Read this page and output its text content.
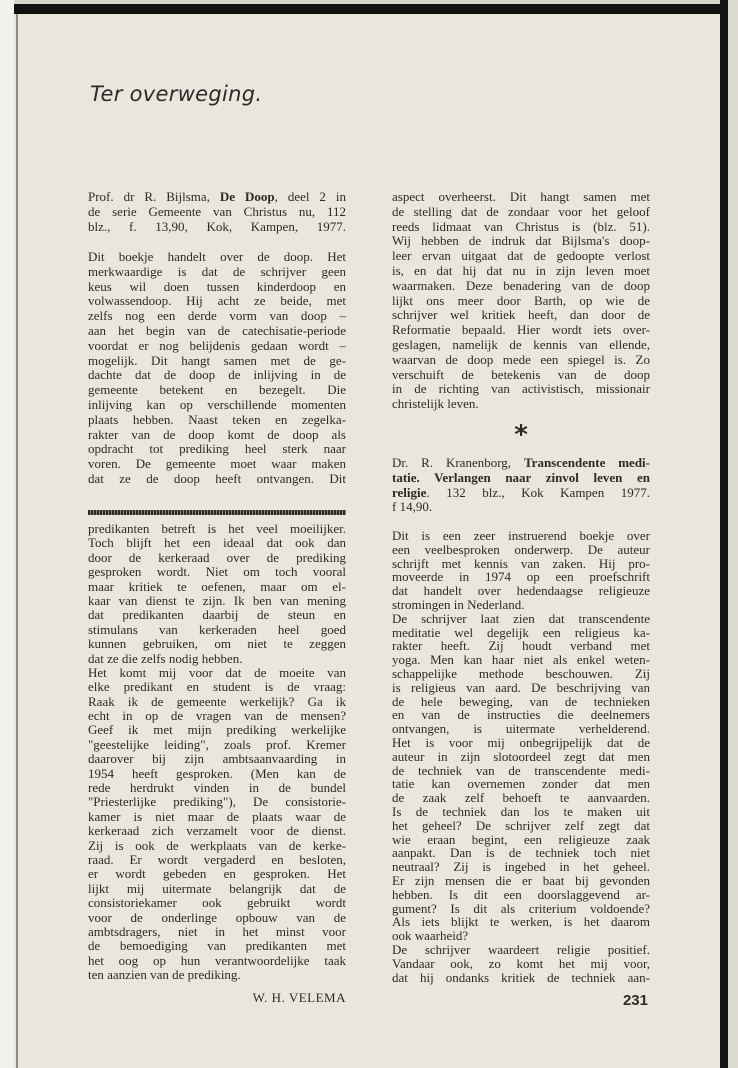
Ter overweging.
Prof. dr R. Bijlsma, De Doop, deel 2 in
de serie Gemeente van Christus nu, 112
blz., f. 13,90, Kok, Kampen, 1977.
Dit boekje handelt over de doop. Het
merkwaardige is dat de schrijver geen
keus wil doen tussen kinderdoop en
volwassendoop. Hij acht ze beide, met
zelfs nog een derde vorm van doop –
aan het begin van de catechisatie-periode
voordat er nog belijdenis gedaan wordt –
mogelijk. Dit hangt samen met de ge-
dachte dat de doop de inlijving in de
gemeente betekent en bezegelt. Die
inlijving kan op verschillende momenten
plaats hebben. Naast teken en zegelka-
rakter van de doop komt de doop als
opdracht tot prediking heel sterk naar
voren. De gemeente moet waar maken
dat ze de doop heeft ontvangen. Dit
predikanten betreft is het veel moeilijker.
Toch blijft het een ideaal dat ook dan
door de kerkeraad over de prediking
gesproken wordt. Niet om toch vooral
maar kritiek te oefenen, maar om el-
kaar van dienst te zijn. Ik ben van mening
dat predikanten daarbij de steun en
stimulans van kerkeraden heel goed
kunnen gebruiken, om niet te zeggen
dat ze die zelfs nodig hebben.
Het komt mij voor dat de moeite van
elke predikant en student is de vraag:
Raak ik de gemeente werkelijk? Ga ik
echt in op de vragen van de mensen?
Geef ik met mijn prediking werkelijke
"geestelijke leiding", zoals prof. Kremer
daarover bij zijn ambtsaanvaarding in
1954 heeft gesproken. (Men kan de
rede herdrukt vinden in de bundel
"Priesterlijke prediking"), De consistorie-
kamer is niet maar de plaats waar de
kerkeraad zich verzamelt voor de dienst.
Zij is ook de werkplaats van de kerke-
raad. Er wordt vergaderd en besloten,
er wordt gebeden en gesproken. Het
lijkt mij uitermate belangrijk dat de
consistoriekamer ook gebruikt wordt
voor de onderlinge opbouw van de
ambtsdragers, niet in het minst voor
de bemoediging van predikanten met
het oog op hun verantwoordelijke taak
ten aanzien van de prediking.
W. H. VELEMA
aspect overheerst. Dit hangt samen met
de stelling dat de zondaar voor het geloof
reeds lidmaat van Christus is (blz. 51).
Wij hebben de indruk dat Bijlsma's doop-
leer ervan uitgaat dat de gedoopte verlost
is, en dat hij dat nu in zijn leven moet
waarmaken. Deze benadering van de doop
lijkt ons meer door Barth, op wie de
schrijver wel kritiek heeft, dan door de
Reformatie bepaald. Hier wordt iets over-
geslagen, namelijk de kennis van ellende,
waarvan de doop mede een spiegel is. Zo
verschuift de betekenis van de doop
in de richting van activistisch, missionair
christelijk leven.
*
Dr. R. Kranenborg, Transcendente medi-
tatie. Verlangen naar zinvol leven en
religie. 132 blz., Kok Kampen 1977.
f 14,90.
Dit is een zeer instruerend boekje over
een veelbesproken onderwerp. De auteur
schrijft met kennis van zaken. Hij pro-
moveerde in 1974 op een proefschrift
dat handelt over hedendaagse religieuze
stromingen in Nederland.
De schrijver laat zien dat transcendente
meditatie wel degelijk een religieus ka-
rakter heeft. Zij houdt verband met
yoga. Men kan haar niet als enkel weten-
schappelijke methode beschouwen. Zij
is religieus van aard. De beschrijving van
de hele beweging, van de technieken
en van de instructies die deelnemers
ontvangen, is uitermate verhelderend.
Het is voor mij onbegrijpelijk dat de
auteur in zijn slotoordeel zegt dat men
de techniek van de transcendente medi-
tatie kan overnemen zonder dat men
de zaak zelf behoeft te aanvaarden.
Is de techniek dan los te maken uit
het geheel? De schrijver zelf zegt dat
wie eraan begint, een religieuze zaak
aanpakt. Dan is de techniek toch niet
neutraal? Zij is ingebed in het geheel.
Er zijn mensen die er baat bij gevonden
hebben. Is dit een doorslaggevend ar-
gument? Is dit als criterium voldoende?
Als iets blijkt te werken, is het daarom
ook waarheid?
De schrijver waardeert religie positief.
Vandaar ook, zo komt het mij voor,
dat hij ondanks kritiek de techniek aan-
231
